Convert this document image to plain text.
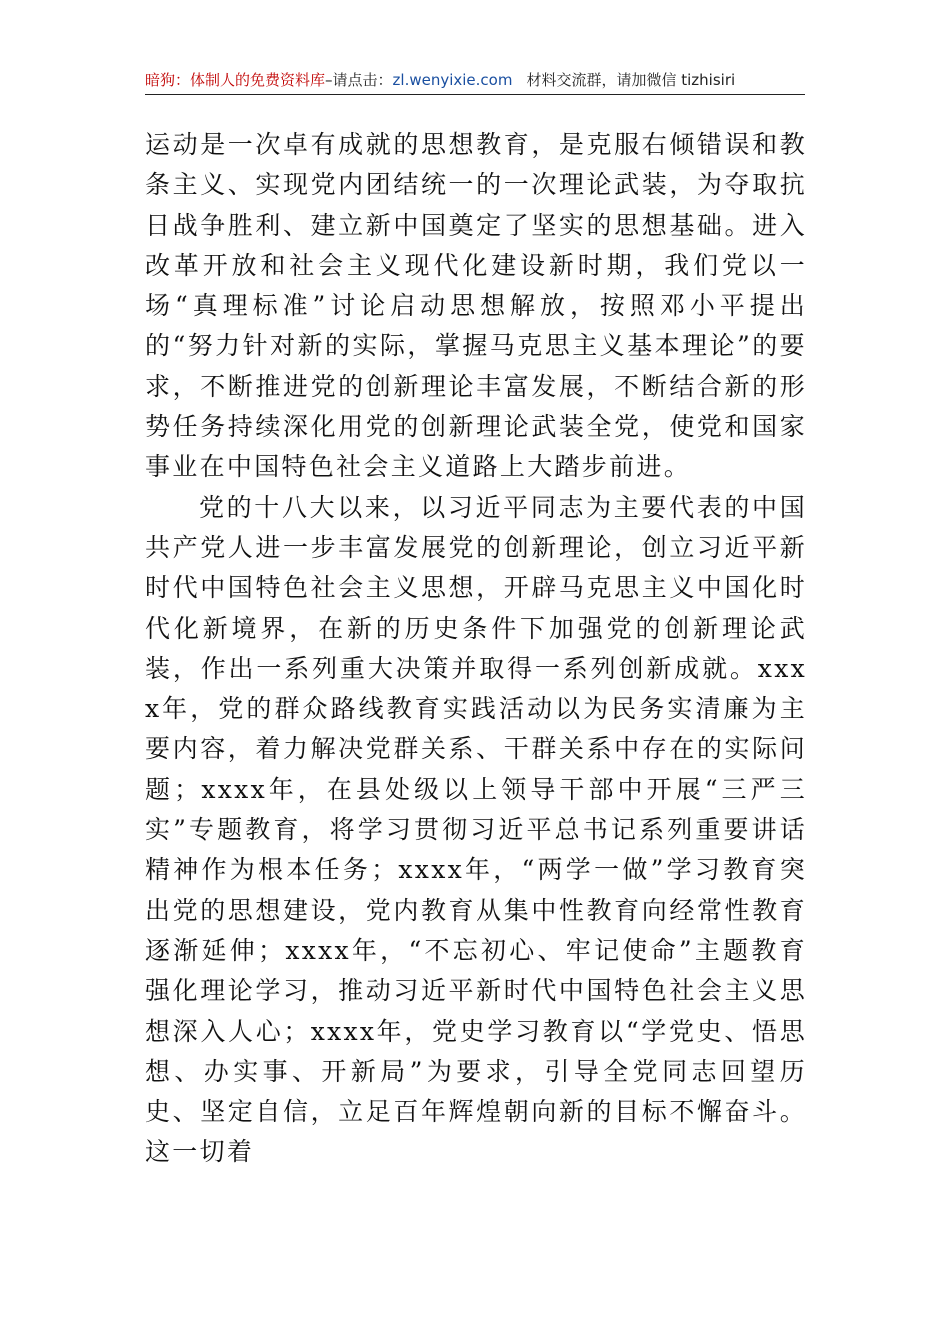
暗狗：体制人的免费资料库–请点击：zl.wenyixie.com 材料交流群，请加微信 tizhisiri

运动是一次卓有成就的思想教育，是克服右倾错误和教条主义、实现党内团结统一的一次理论武装，为夺取抗日战争胜利、建立新中国奠定了坚实的思想基础。进入改革开放和社会主义现代化建设新时期，我们党以一场“真理标准”讨论启动思想解放，按照邓小平提出的“努力针对新的实际，掌握马克思主义基本理论”的要求，不断推进党的创新理论丰富发展，不断结合新的形势任务持续深化用党的创新理论武装全党，使党和国家事业在中国特色社会主义道路上大踏步前进。

党的十八大以来，以习近平同志为主要代表的中国共产党人进一步丰富发展党的创新理论，创立习近平新时代中国特色社会主义思想，开辟马克思主义中国化时代化新境界，在新的历史条件下加强党的创新理论武装，作出一系列重大决策并取得一系列创新成就。xxxx年，党的群众路线教育实践活动以为民务实清廉为主要内容，着力解决党群关系、干群关系中存在的实际问题；xxxx年，在县处级以上领导干部中开展“三严三实”专题教育，将学习贯彻习近平总书记系列重要讲话精神作为根本任务；xxxx年，“两学一做”学习教育突出党的思想建设，党内教育从集中性教育向经常性教育逐渐延伸；xxxx年，“不忘初心、牢记使命”主题教育强化理论学习，推动习近平新时代中国特色社会主义思想深入人心；xxxx年，党史学习教育以“学党史、悟思想、办实事、开新局”为要求，引导全党同志回望历史、坚定自信，立足百年辉煌朝向新的目标不懈奋斗。这一切着
